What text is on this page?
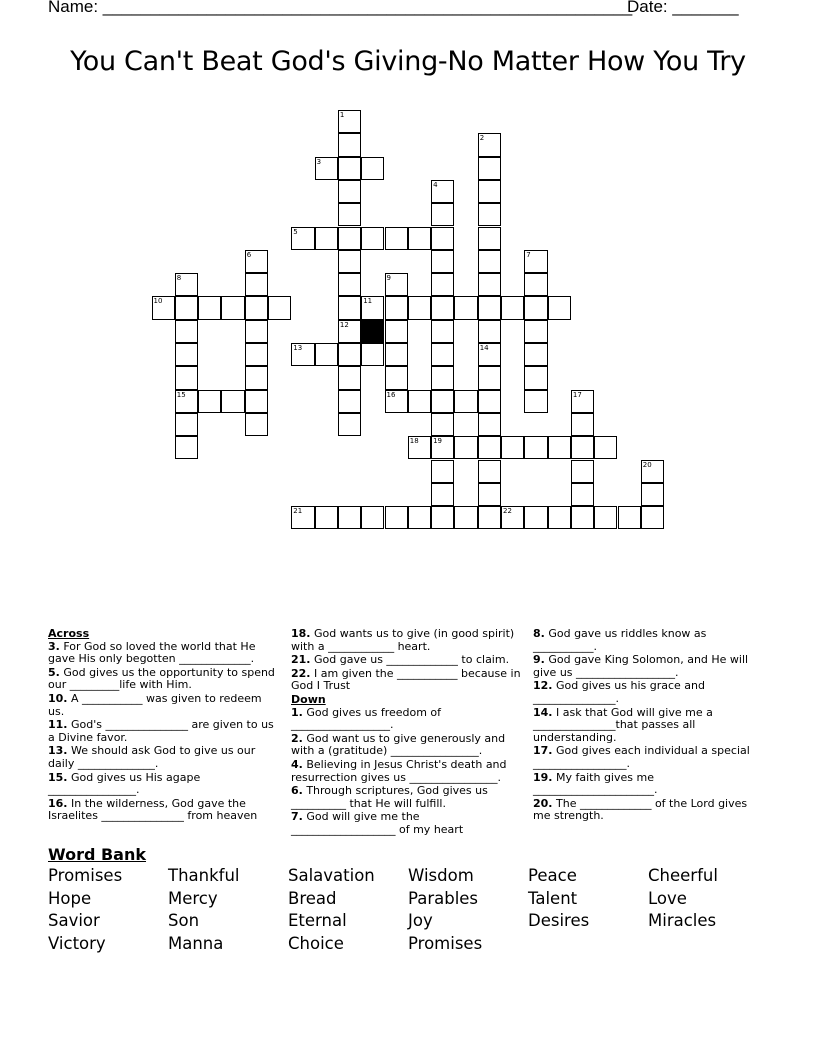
Name: ________________________________________________________
Date: _______
You Can't Beat God's Giving-No Matter How You Try
1
12
2
14
3
4
19
5
6	7
8
15
9
16
10	11
13
17
18
20
21	22
Across
3. For God so loved the world that He gave His only begotten _____________.
5. God gives us the opportunity to spend our _________life with Him.
10. A ___________ was given to redeem us.
11. God's _______________ are given to us a Divine favor.
13. We should ask God to give us our daily ______________.
15. God gives us His agape ________________.
16. In the wilderness, God gave the Israelites _______________ from heaven
18. God wants us to give (in good spirit) with a ____________ heart.
21. God gave us _____________ to claim.
22. I am given the ___________ because in God I Trust
Down
1. God gives us freedom of __________________.
2. God want us to give generously and with a (gratitude) ________________.
4. Believing in Jesus Christ's death and resurrection gives us ________________.
6. Through scriptures, God gives us __________ that He will fulfill.
7. God will give me the ___________________ of my heart
8. God gave us riddles know as ___________.
9. God gave King Solomon, and He will give us __________________.
12. God gives us his grace and _______________.
14. I ask that God will give me a _______________that passes all understanding.
17. God gives each individual a special _________________.
19. My faith gives me ______________________.
20. The _____________ of the Lord gives me strength.
Word Bank
Promises	Thankful	Salavation Wisdom	Peace	Cheerful
Hope	Mercy	Bread	Parables	Talent	Love
Savior	Son	Eternal	Joy	Desires	Miracles
Victory	Manna	Choice	Promises
